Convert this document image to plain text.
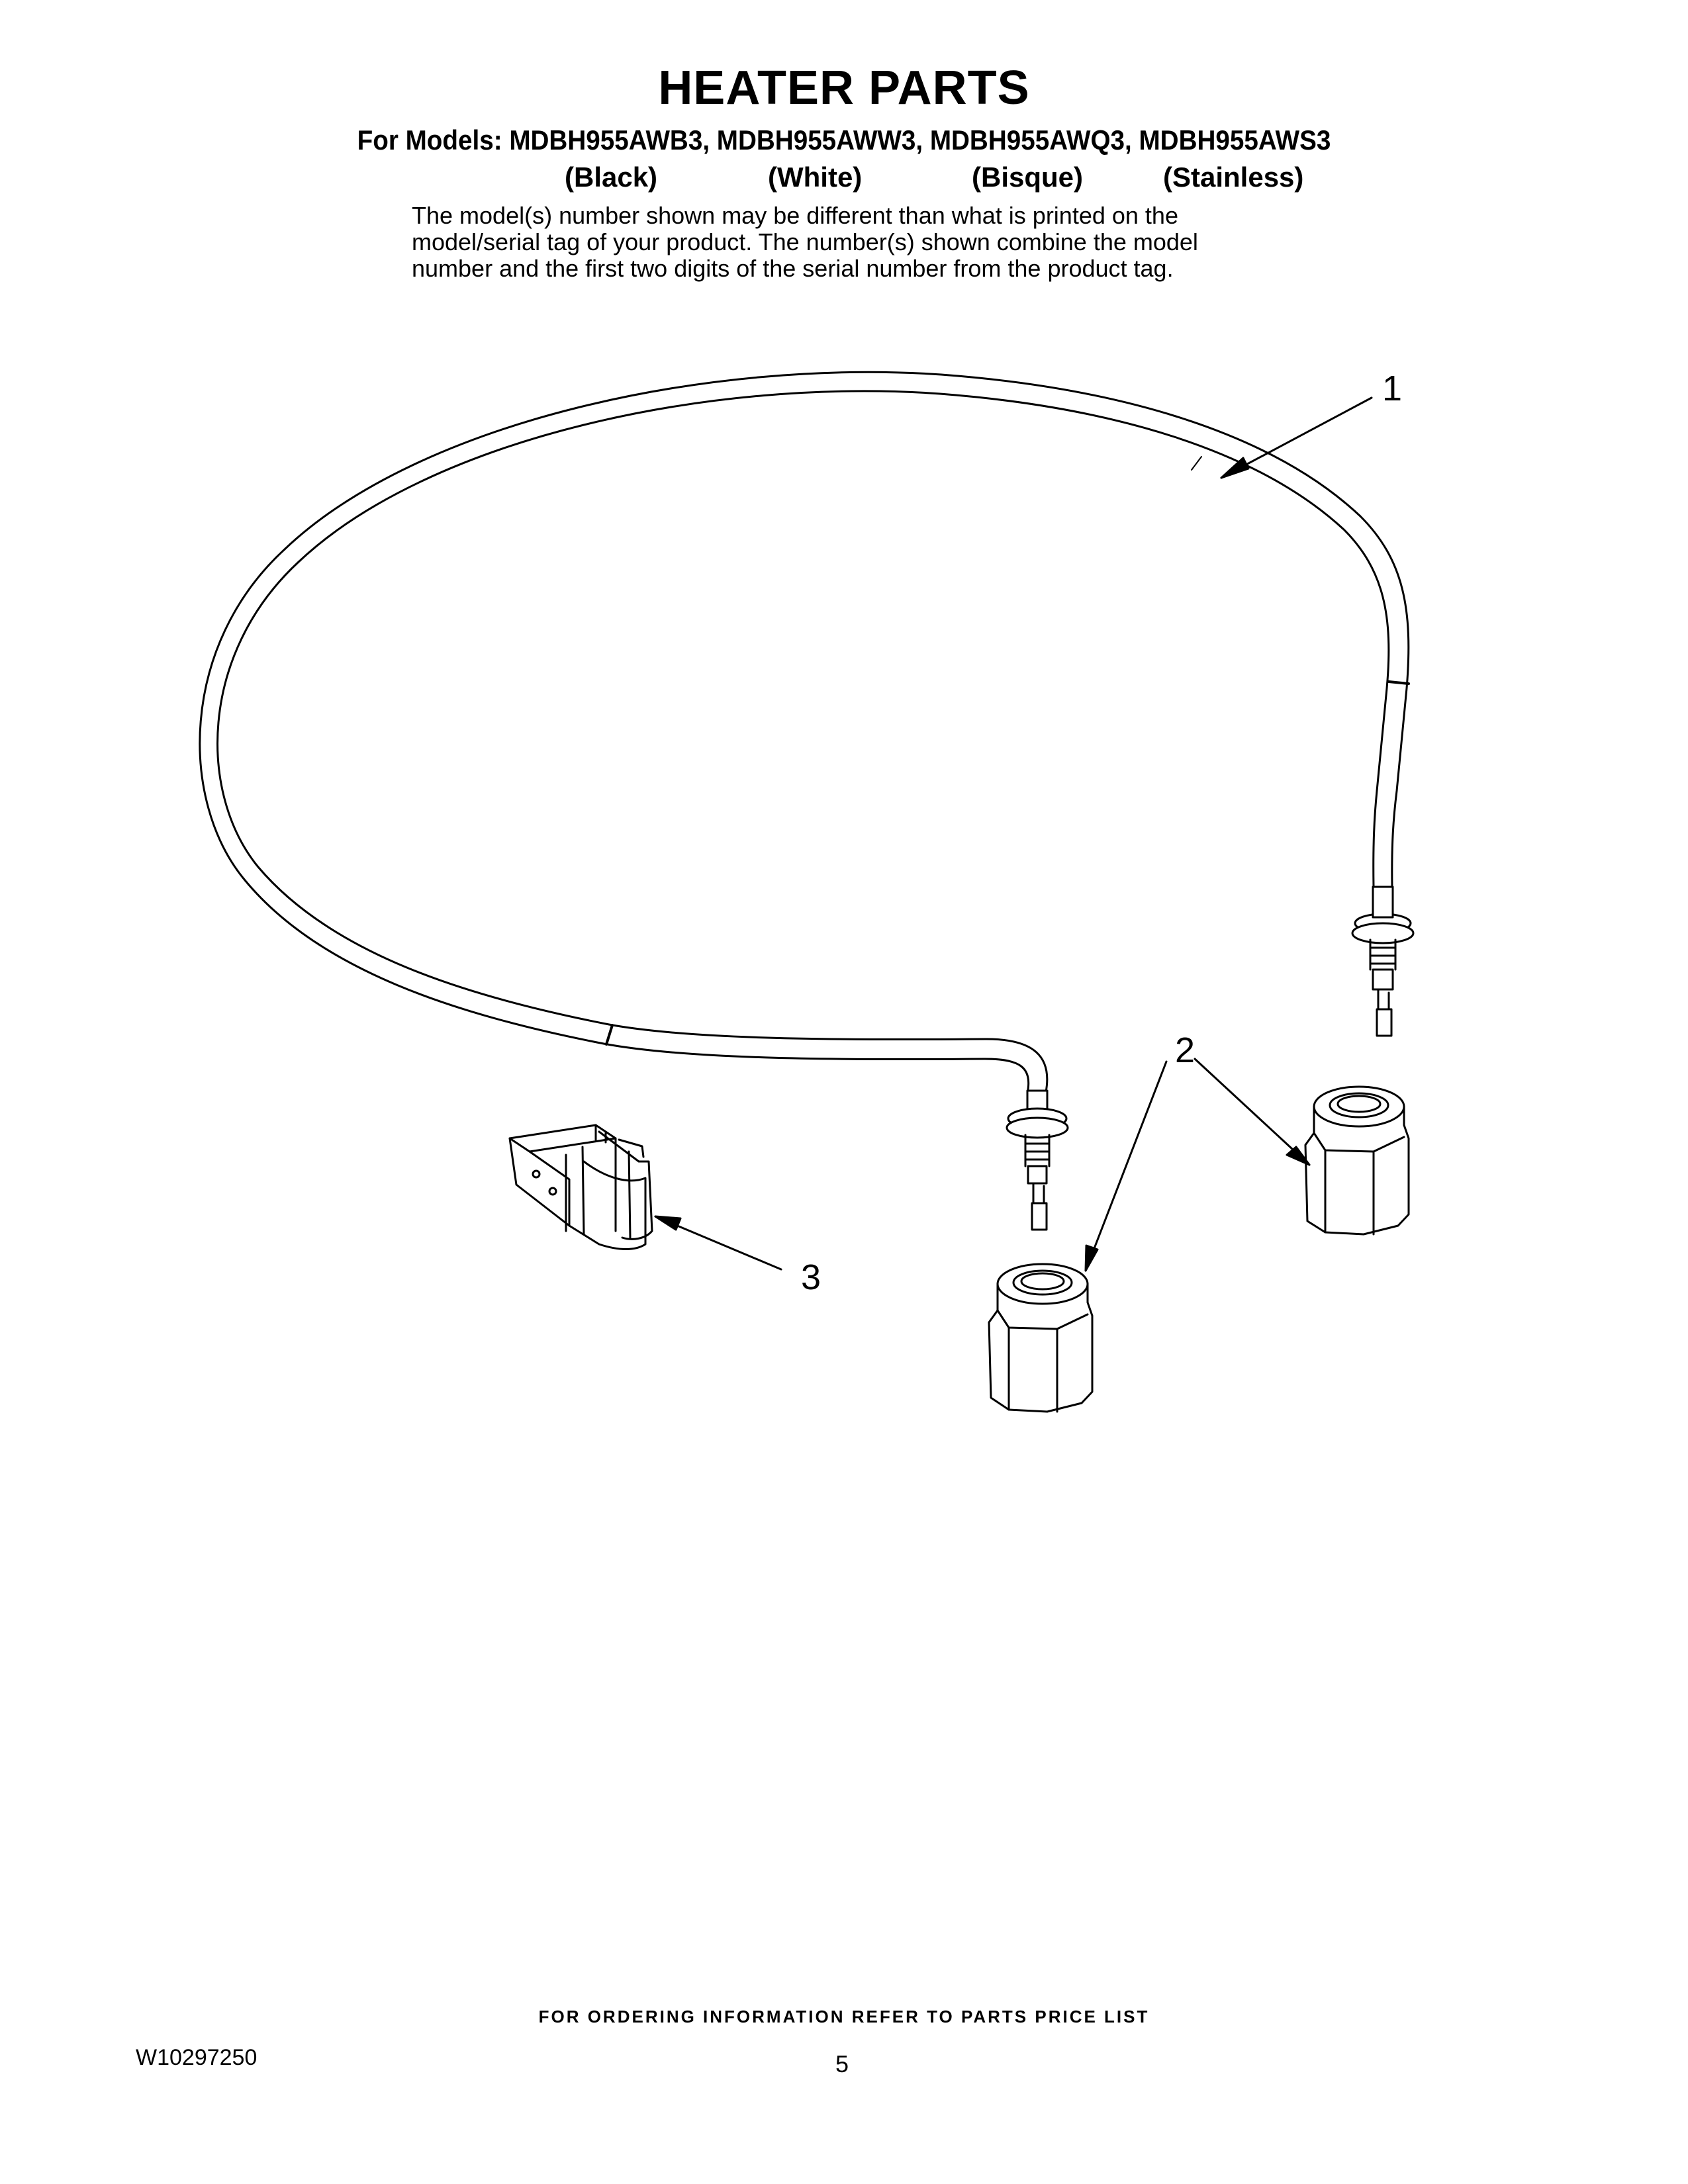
HEATER PARTS
For Models: MDBH955AWB3, MDBH955AWW3, MDBH955AWQ3, MDBH955AWS3
(Black)	(White)	(Bisque)	(Stainless)
The model(s) number shown may be different than what is printed on the
model/serial tag of your product. The number(s) shown combine the model
number and the first two digits of the serial number from the product tag.
1
2
3
FOR ORDERING INFORMATION REFER TO PARTS PRICE LIST
W10297250	5
